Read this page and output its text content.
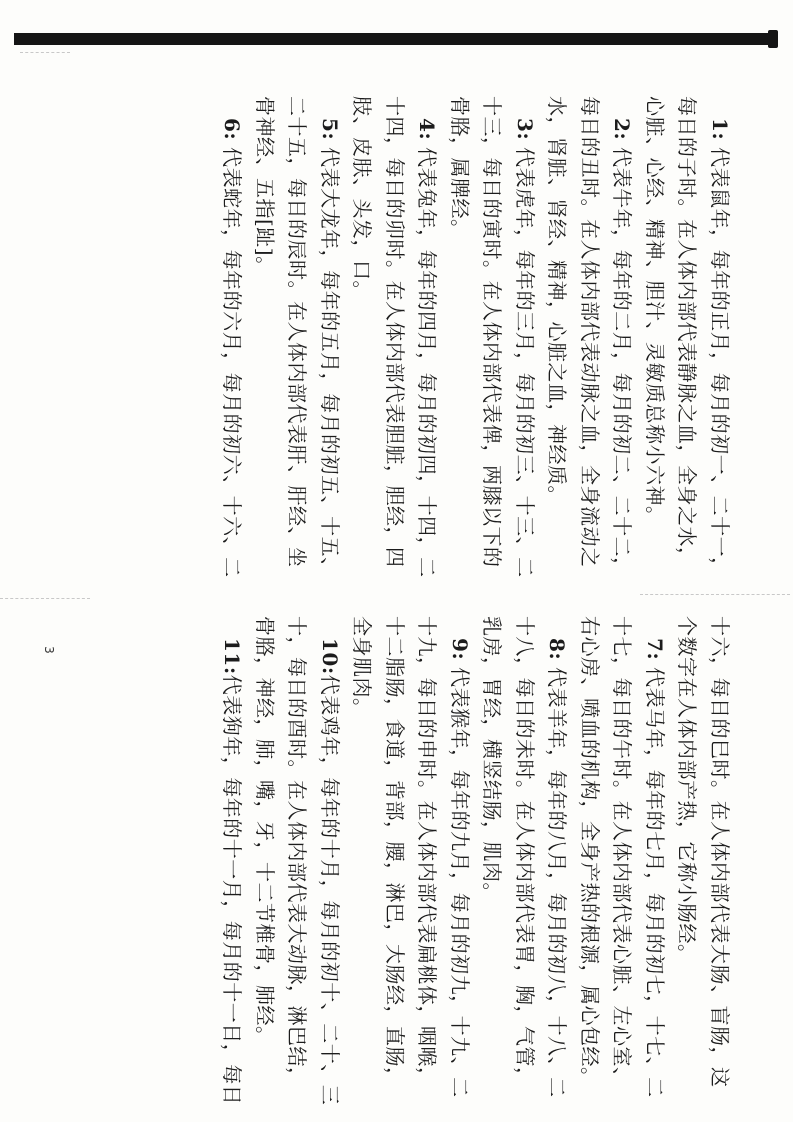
1: 代表鼠年，每年的正月，每月的初一、二十一，
每日的子时。在人体内部代表静脉之血，全身之水，
心脏、心经、精神、胆汁、灵敏质总称小六神。
2: 代表牛年，每年的二月，每月的初二、二十二，
每日的丑时。在人体内部代表动脉之血，全身流动之
水，肾脏、肾经、精神，心脏之血，神经质。
3: 代表虎年，每年的三月，每月的初三、十三、二
十三，每日的寅时。在人体内部代表俾，两膝以下的
骨胳，属脾经。
4: 代表兔年，每年的四月，每月的初四，十四，二
十四，每日的卯时。在人体内部代表胆脏，胆经，四
肢、皮肤、头发，口。
5: 代表大龙年，每年的五月，每月的初五、十五、
二十五，每日的辰时。在人体内部代表肝、肝经、坐
骨神经、五指[趾]。
6: 代表蛇年，每年的六月，每月的初六、十六、二
十六，每日的巳时。在人体内部代表大肠、盲肠，这
个数字在人体内部产热，它称小肠经。
7: 代表马年，每年的七月，每月的初七，十七、二
十七，每日的午时。在人体内部代表心脏、左心室、
右心房、喷血的机构，全身产热的根源，属心包经。
8: 代表羊年，每年的八月，每月的初八，十八、二
十八，每日的未时。在人体内部代表胃，胸，气管，
乳房，胃经，横竖结肠，肌肉。
9: 代表猴年，每年的九月，每月的初九，十九、二
十九，每日的申时。在人体内部代表扁桃体，咽喉，
十二脂肠，食道，背部，腰，淋巴，大肠经，直肠，
全身肌肉。
10:代表鸡年，每年的十月，每月的初十、二十、三
十，每日的酉时。在人体内部代表大动脉，淋巴结，
骨胳，神经，肺，嘴，牙，十二节椎骨，肺经。
11:代表狗年，每年的十一月，每月的十一日，每日
3
